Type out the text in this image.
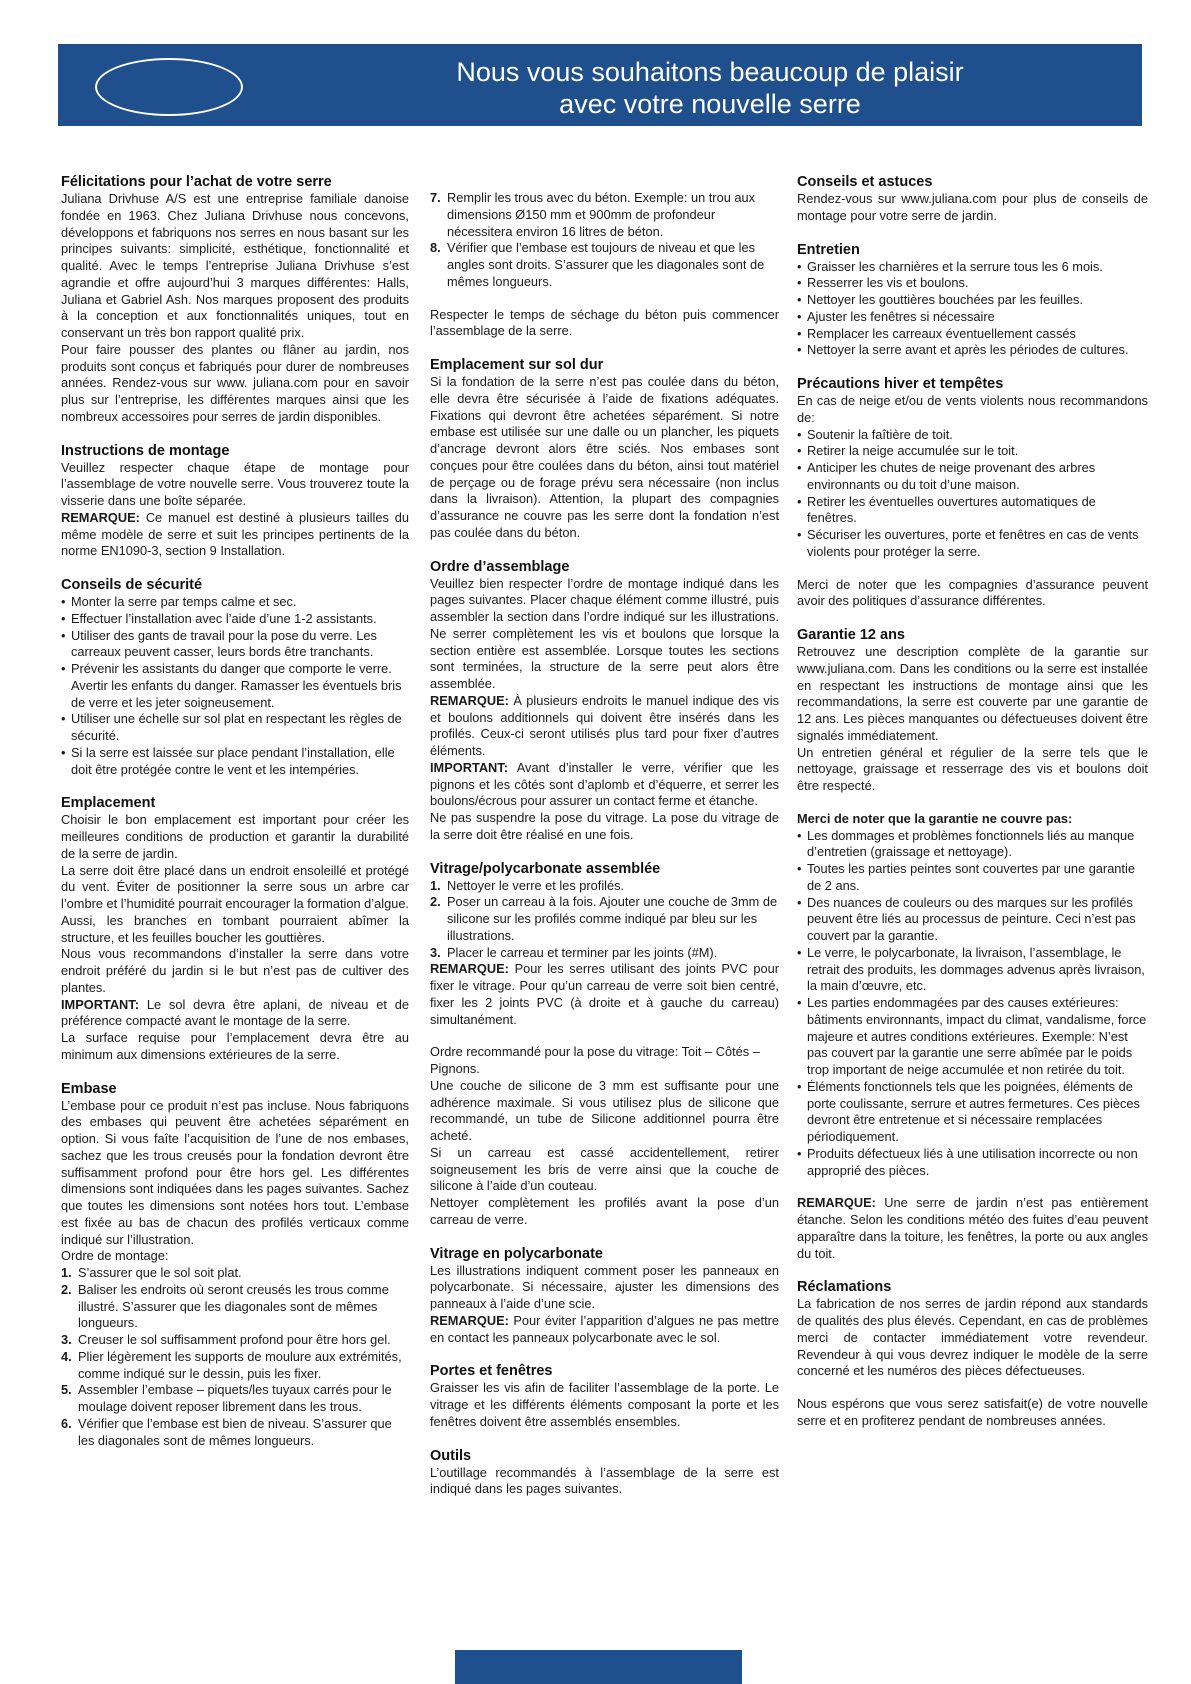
Nous vous souhaitons beaucoup de plaisir
avec votre nouvelle serre
Félicitations pour l’achat de votre serre

Juliana Drivhuse A/S est une entreprise familiale danoise fondée en 1963. Chez Juliana Drivhuse nous concevons, développons et fabriquons nos serres en nous basant sur les principes suivants: simplicité, esthétique, fonctionnalité et qualité. Avec le temps l’entreprise Juliana Drivhuse s’est agrandie et offre aujourd’hui 3 marques différentes: Halls, Juliana et Gabriel Ash. Nos marques proposent des produits à la conception et aux fonctionnalités uniques, tout en conservant un très bon rapport qualité prix.

Pour faire pousser des plantes ou flâner au jardin, nos produits sont conçus et fabriqués pour durer de nombreuses années. Rendez-vous sur www. juliana.com pour en savoir plus sur l’entreprise, les différentes marques ainsi que les nombreux accessoires pour serres de jardin disponibles.

Instructions de montage

Veuillez respecter chaque étape de montage pour l’assemblage de votre nouvelle serre. Vous trouverez toute la visserie dans une boîte séparée.

REMARQUE: Ce manuel est destiné à plusieurs tailles du même modèle de serre et suit les principes pertinents de la norme EN1090-3, section 9 Installation.

Conseils de sécurité
• Monter la serre par temps calme et sec.
• Effectuer l’installation avec l’aide d’une 1-2 assistants.
• Utiliser des gants de travail pour la pose du verre. Les carreaux peuvent casser, leurs bords être tranchants.
• Prévenir les assistants du danger que comporte le verre. Avertir les enfants du danger. Ramasser les éventuels bris de verre et les jeter soigneusement.
• Utiliser une échelle sur sol plat en respectant les règles de sécurité.
• Si la serre est laissée sur place pendant l’installation, elle doit être protégée contre le vent et les intempéries.
Emplacement

Choisir le bon emplacement est important pour créer les meilleures conditions de production et garantir la durabilité de la serre de jardin.

La serre doit être placé dans un endroit ensoleillé et protégé du vent. Éviter de positionner la serre sous un arbre car l’ombre et l’humidité pourrait encourager la formation d’algue. Aussi, les branches en tombant pourraient abîmer la structure, et les feuilles boucher les gouttières.

Nous vous recommandons d’installer la serre dans votre endroit préféré du jardin si le but n’est pas de cultiver des plantes.

IMPORTANT: Le sol devra être aplani, de niveau et de préférence compacté avant le montage de la serre.

La surface requise pour l’emplacement devra être au minimum aux dimensions extérieures de la serre.

Embase

L’embase pour ce produit n’est pas incluse. Nous fabriquons des embases qui peuvent être achetées séparément en option. Si vous faîte l’acquisition de l’une de nos embases, sachez que les trous creusés pour la fondation devront être suffisamment profond pour être hors gel. Les différentes dimensions sont indiquées dans les pages suivantes. Sachez que toutes les dimensions sont notées hors tout. L’embase est fixée au bas de chacun des profilés verticaux comme indiqué sur l’illustration.

Ordre de montage:

1. S’assurer que le sol soit plat.
2. Baliser les endroits où seront creusés les trous comme illustré. S’assurer que les diagonales sont de mêmes longueurs.
3. Creuser le sol suffisamment profond pour être hors gel.
4. Plier légèrement les supports de moulure aux extrémités, comme indiqué sur le dessin, puis les fixer.
5. Assembler l’embase – piquets/les tuyaux carrés pour le moulage doivent reposer librement dans les trous.
6. Vérifier que l’embase est bien de niveau. S’assurer que les diagonales sont de mêmes longueurs.
7. Remplir les trous avec du béton. Exemple: un trou aux dimensions Ø150 mm et 900mm de profondeur nécessitera environ 16 litres de béton.
8. Vérifier que l’embase est toujours de niveau et que les angles sont droits. S’assurer que les diagonales sont de mêmes longueurs.

Respecter le temps de séchage du béton puis commencer l’assemblage de la serre.

Emplacement sur sol dur

Si la fondation de la serre n’est pas coulée dans du béton, elle devra être sécurisée à l’aide de fixations adéquates. Fixations qui devront être achetées séparément. Si notre embase est utilisée sur une dalle ou un plancher, les piquets d’ancrage devront alors être sciés. Nos embases sont conçues pour être coulées dans du béton, ainsi tout matériel de perçage ou de forage prévu sera nécessaire (non inclus dans la livraison). Attention, la plupart des compagnies d’assurance ne couvre pas les serre dont la fondation n’est pas coulée dans du béton.

Ordre d’assemblage

Veuillez bien respecter l’ordre de montage indiqué dans les pages suivantes. Placer chaque élément comme illustré, puis assembler la section dans l’ordre indiqué sur les illustrations. Ne serrer complètement les vis et boulons que lorsque la section entière est assemblée. Lorsque toutes les sections sont terminées, la structure de la serre peut alors être assemblée.

REMARQUE: À plusieurs endroits le manuel indique des vis et boulons additionnels qui doivent être insérés dans les profilés. Ceux-ci seront utilisés plus tard pour fixer d’autres éléments.

IMPORTANT: Avant d’installer le verre, vérifier que les pignons et les côtés sont d’aplomb et d’équerre, et serrer les boulons/écrous pour assurer un contact ferme et étanche.

Ne pas suspendre la pose du vitrage. La pose du vitrage de la serre doit être réalisé en une fois.

Vitrage/polycarbonate assemblée
1. Nettoyer le verre et les profilés.
2. Poser un carreau à la fois. Ajouter une couche de 3mm de silicone sur les profilés comme indiqué par bleu sur les illustrations.
3. Placer le carreau et terminer par les joints (#M).

REMARQUE: Pour les serres utilisant des joints PVC pour fixer le vitrage. Pour qu’un carreau de verre soit bien centré, fixer les 2 joints PVC (à droite et à gauche du carreau) simultanément.

Ordre recommandé pour la pose du vitrage: Toit – Côtés – Pignons.

Une couche de silicone de 3 mm est suffisante pour une adhérence maximale. Si vous utilisez plus de silicone que recommandé, un tube de Silicone additionnel pourra être acheté.

Si un carreau est cassé accidentellement, retirer soigneusement les bris de verre ainsi que la couche de silicone à l’aide d’un couteau.

Nettoyer complètement les profilés avant la pose d’un carreau de verre.

Vitrage en polycarbonate

Les illustrations indiquent comment poser les panneaux en polycarbonate. Si nécessaire, ajuster les dimensions des panneaux à l’aide d’une scie.

REMARQUE: Pour éviter l’apparition d’algues ne pas mettre en contact les panneaux polycarbonate avec le sol.

Portes et fenêtres

Graisser les vis afin de faciliter l’assemblage de la porte. Le vitrage et les différents éléments composant la porte et les fenêtres doivent être assemblés ensembles.

Outils

L’outillage recommandés à l’assemblage de la serre est indiqué dans les pages suivantes.

Conseils et astuces

Rendez-vous sur www.juliana.com pour plus de conseils de montage pour votre serre de jardin.

Entretien
• Graisser les charnières et la serrure tous les 6 mois.
• Resserrer les vis et boulons.
• Nettoyer les gouttières bouchées par les feuilles.
• Ajuster les fenêtres si nécessaire
• Remplacer les carreaux éventuellement cassés
• Nettoyer la serre avant et après les périodes de cultures.
Précautions hiver et tempêtes

En cas de neige et/ou de vents violents nous recommandons de:

• Soutenir la faîtière de toit.
• Retirer la neige accumulée sur le toit.
• Anticiper les chutes de neige provenant des arbres environnants ou du toit d’une maison.
• Retirer les éventuelles ouvertures automatiques de fenêtres.
• Sécuriser les ouvertures, porte et fenêtres en cas de vents violents pour protéger la serre.

Merci de noter que les compagnies d’assurance peuvent avoir des politiques d’assurance différentes.

Garantie 12 ans

Retrouvez une description complète de la garantie sur www.juliana.com. Dans les conditions ou la serre est installée en respectant les instructions de montage ainsi que les recommandations, la serre est couverte par une garantie de 12 ans. Les pièces manquantes ou défectueuses doivent être signalés immédiatement.

Un entretien général et régulier de la serre tels que le nettoyage, graissage et resserrage des vis et boulons doit être respecté.

Merci de noter que la garantie ne couvre pas:
• Les dommages et problèmes fonctionnels liés au manque d’entretien (graissage et nettoyage).
• Toutes les parties peintes sont couvertes par une garantie de 2 ans.
• Des nuances de couleurs ou des marques sur les profilés peuvent être liés au processus de peinture. Ceci n’est pas couvert par la garantie.
• Le verre, le polycarbonate, la livraison, l’assemblage, le retrait des produits, les dommages advenus après livraison, la main d’œuvre, etc.
• Les parties endommagées par des causes extérieures: bâtiments environnants, impact du climat, vandalisme, force majeure et autres conditions extérieures. Exemple: N’est pas couvert par la garantie une serre abîmée par le poids trop important de neige accumulée et non retirée du toit.
• Éléments fonctionnels tels que les poignées, éléments de porte coulissante, serrure et autres fermetures. Ces pièces devront être entretenue et si nécessaire remplacées périodiquement.
• Produits défectueux liés à une utilisation incorrecte ou non approprié des pièces.

REMARQUE: Une serre de jardin n’est pas entièrement étanche. Selon les conditions météo des fuites d’eau peuvent apparaître dans la toiture, les fenêtres, la porte ou aux angles du toit.

Réclamations

La fabrication de nos serres de jardin répond aux standards de qualités des plus élevés. Cependant, en cas de problèmes merci de contacter immédiatement votre revendeur. Revendeur à qui vous devrez indiquer le modèle de la serre concerné et les numéros des pièces défectueuses.

Nous espérons que vous serez satisfait(e) de votre nouvelle serre et en profiterez pendant de nombreuses années.
